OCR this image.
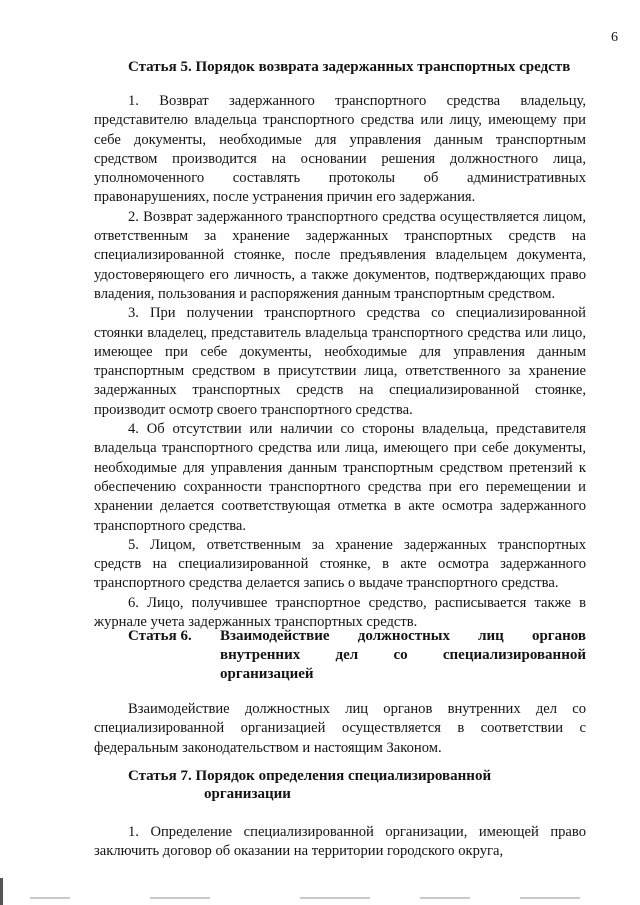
6
Статья 5. Порядок возврата задержанных транспортных средств

1. Возврат задержанного транспортного средства владельцу, представителю владельца транспортного средства или лицу, имеющему при себе документы, необходимые для управления данным транспортным средством производится на основании решения должностного лица, уполномоченного составлять протоколы об административных правонарушениях, после устранения причин его задержания.

2. Возврат задержанного транспортного средства осуществляется лицом, ответственным за хранение задержанных транспортных средств на специализированной стоянке, после предъявления владельцем документа, удостоверяющего его личность, а также документов, подтверждающих право владения, пользования и распоряжения данным транспортным средством.

3. При получении транспортного средства со специализированной стоянки владелец, представитель владельца транспортного средства или лицо, имеющее при себе документы, необходимые для управления данным транспортным средством в присутствии лица, ответственного за хранение задержанных транспортных средств на специализированной стоянке, производит осмотр своего транспортного средства.

4. Об отсутствии или наличии со стороны владельца, представителя владельца транспортного средства или лица, имеющего при себе документы, необходимые для управления данным транспортным средством претензий к обеспечению сохранности транспортного средства при его перемещении и хранении делается соответствующая отметка в акте осмотра задержанного транспортного средства.

5. Лицом, ответственным за хранение задержанных транспортных средств на специализированной стоянке, в акте осмотра задержанного транспортного средства делается запись о выдаче транспортного средства.

6. Лицо, получившее транспортное средство, расписывается также в журнале учета задержанных транспортных средств.

Статья 6. Взаимодействие должностных лиц органов внутренних дел со специализированной организацией

Взаимодействие должностных лиц органов внутренних дел со специализированной организацией осуществляется в соответствии с федеральным законодательством и настоящим Законом.

Статья 7. Порядок определения специализированной
организации

1. Определение специализированной организации, имеющей право заключить договор об оказании на территории городского округа,
